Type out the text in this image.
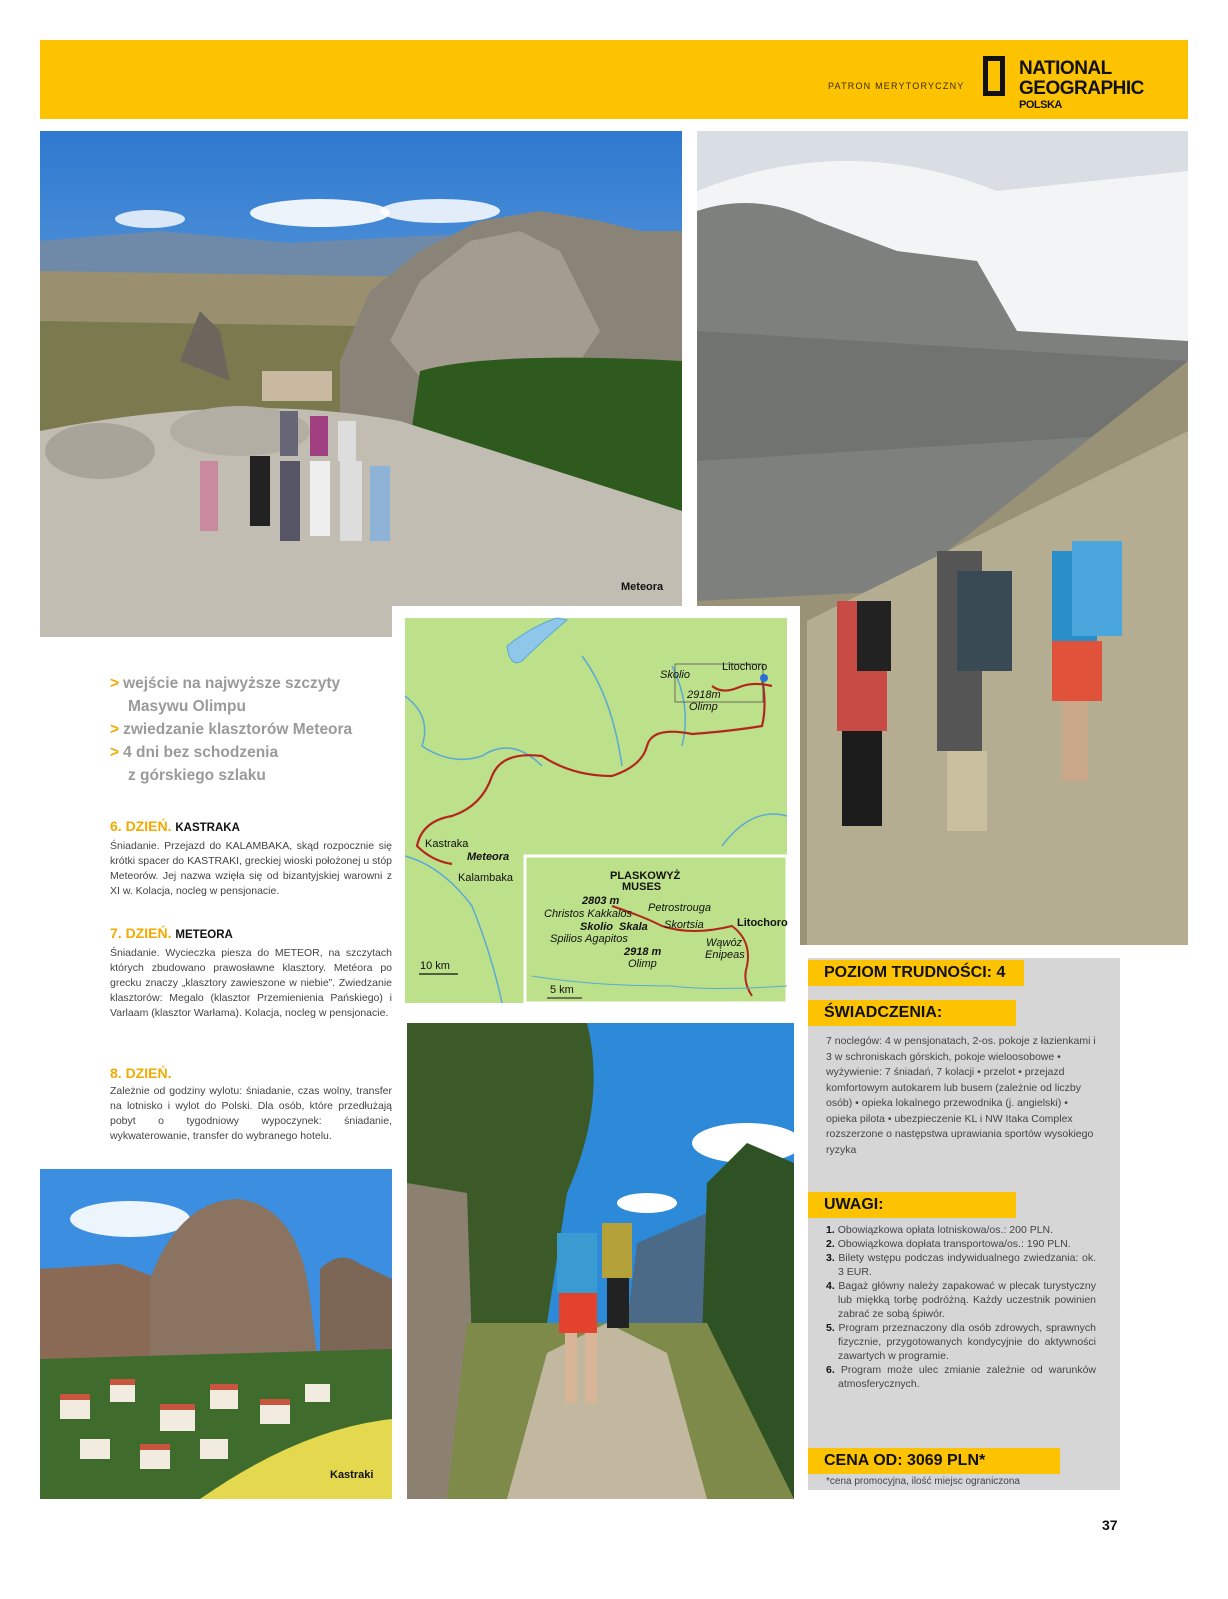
PATRON MERYTORYCZNY
NATIONAL
GEOGRAPHIC
POLSKA
Meteora
> wejście na najwyższe szczyty
Masywu Olimpu
> zwiedzanie klasztorów Meteora
> 4 dni bez schodzenia
z górskiego szlaku
6. DZIEŃ. KASTRAKA
Śniadanie. Przejazd do KALAMBAKA, skąd rozpocznie się krótki spacer do KASTRAKI, greckiej wioski położonej u stóp Meteorów. Jej nazwa wzięła się od bizantyjskiej warowni z XI w. Kolacja, nocleg w pensjonacie.
7. DZIEŃ. METEORA
Śniadanie. Wycieczka piesza do METEOR, na szczytach których zbudowano prawosławne klasztory. Metéora po grecku znaczy „klasztory zawieszone w niebie”. Zwiedzanie klasztorów: Megalo (klasztor Przemienienia Pańskiego) i Varlaam (klasztor Warłama). Kolacja, nocleg w pensjonacie.
8. DZIEŃ.
Zależnie od godziny wylotu: śniadanie, czas wolny, transfer na lotnisko i wylot do Polski. Dla osób, które przedłużają pobyt o tygodniowy wypoczynek: śniadanie, wykwaterowanie, transfer do wybranego hotelu.
Skolio
Litochoro
2918m
Olimp
Kastraka
Meteora
Kalambaka
10 km
5 km
PLASKOWYŻ
MUSES
2803 m
Christos Kakkalos Petrostrouga
Skolio Skala Skortsia	Litochoro
Spilios Agapitos
2918 m
Olimp
Wąwóz
Enipeas
Kastraki
POZIOM TRUDNOŚCI: 4
ŚWIADCZENIA:
7 noclegów: 4 w pensjonatach, 2-os. pokoje z łazienkami i 3 w schroniskach górskich, pokoje wieloosobowe • wyżywienie: 7 śniadań, 7 kolacji • przelot • przejazd komfortowym autokarem lub busem (zależnie od liczby osób) • opieka lokalnego przewodnika (j. angielski) • opieka pilota • ubezpieczenie KL i NW Itaka Complex rozszerzone o następstwa uprawiania sportów wysokiego ryzyka
UWAGI:
1. Obowiązkowa opłata lotniskowa/os.: 200 PLN.
2. Obowiązkowa dopłata transportowa/os.: 190 PLN.
3. Bilety wstępu podczas indywidualnego zwiedzania: ok. 3 EUR.
4. Bagaż główny należy zapakować w plecak turystyczny lub miękką torbę podróżną. Każdy uczestnik powinien zabrać ze sobą śpiwór.
5. Program przeznaczony dla osób zdrowych, sprawnych fizycznie, przygotowanych kondycyjnie do aktywności zawartych w programie.
6. Program może ulec zmianie zależnie od warunków atmosferycznych.
CENA OD: 3069 PLN*
*cena promocyjna, ilość miejsc ograniczona
37
